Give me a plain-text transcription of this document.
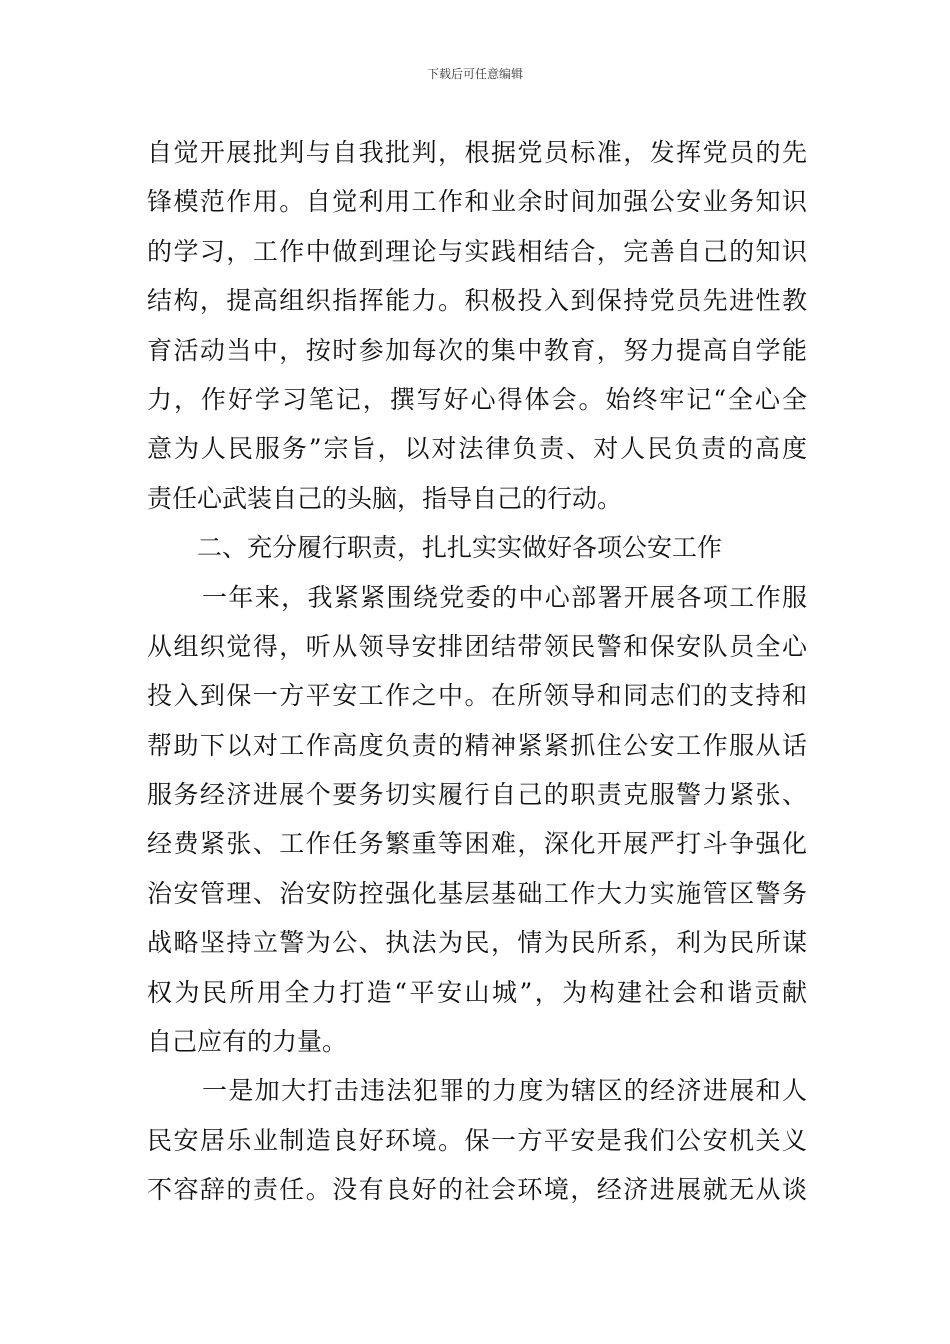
下载后可任意编辑
自觉开展批判与自我批判，根据党员标准，发挥党员的先
锋模范作用。自觉利用工作和业余时间加强公安业务知识
的学习，工作中做到理论与实践相结合，完善自己的知识
结构，提高组织指挥能力。积极投入到保持党员先进性教
育活动当中，按时参加每次的集中教育，努力提高自学能
力，作好学习笔记，撰写好心得体会。始终牢记“全心全
意为人民服务”宗旨，以对法律负责、对人民负责的高度
责任心武装自己的头脑，指导自己的行动。
二、充分履行职责，扎扎实实做好各项公安工作
一年来，我紧紧围绕党委的中心部署开展各项工作服
从组织觉得，听从领导安排团结带领民警和保安队员全心
投入到保一方平安工作之中。在所领导和同志们的支持和
帮助下以对工作高度负责的精神紧紧抓住公安工作服从话
服务经济进展个要务切实履行自己的职责克服警力紧张、
经费紧张、工作任务繁重等困难，深化开展严打斗争强化
治安管理、治安防控强化基层基础工作大力实施管区警务
战略坚持立警为公、执法为民，情为民所系，利为民所谋
权为民所用全力打造“平安山城”，为构建社会和谐贡献
自己应有的力量。
一是加大打击违法犯罪的力度为辖区的经济进展和人
民安居乐业制造良好环境。保一方平安是我们公安机关义
不容辞的责任。没有良好的社会环境，经济进展就无从谈
